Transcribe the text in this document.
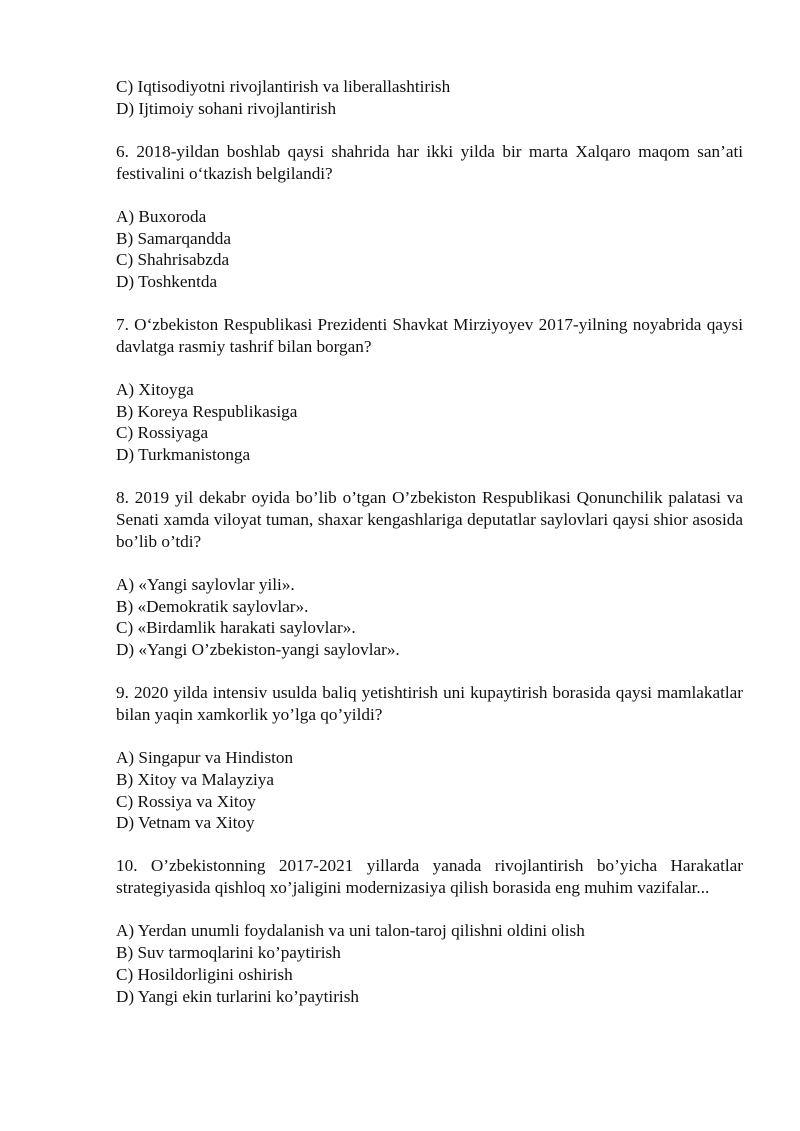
C) Iqtisodiyotni rivojlantirish va liberallashtirish

D) Ijtimoiy sohani rivojlantirish

6. 2018-yildan boshlab qaysi shahrida har ikki yilda bir marta Xalqaro maqom san’ati festivalini o‘tkazish belgilandi?

A) Buxoroda

B) Samarqandda

C) Shahrisabzda

D) Toshkentda

7. O‘zbekiston Respublikasi Prezidenti Shavkat Mirziyoyev 2017-yilning noyabrida qaysi davlatga rasmiy tashrif bilan borgan?

A) Xitoyga

B) Koreya Respublikasiga

C) Rossiyaga

D) Turkmanistonga

8. 2019 yil dekabr oyida bo’lib o’tgan O’zbekiston Respublikasi Qonunchilik palatasi va Senati xamda viloyat tuman, shaxar kengashlariga deputatlar saylovlari qaysi shior asosida bo’lib o’tdi?

A) «Yangi saylovlar yili».

B) «Demokratik saylovlar».

C) «Birdamlik harakati saylovlar».

D) «Yangi O’zbekiston-yangi saylovlar».

9. 2020 yilda intensiv usulda baliq yetishtirish uni kupaytirish borasida qaysi mamlakatlar bilan yaqin xamkorlik yo’lga qo’yildi?

A) Singapur va Hindiston

B) Xitoy va Malayziya

C) Rossiya va Xitoy

D) Vetnam va Xitoy

10. O’zbekistonning 2017-2021 yillarda yanada rivojlantirish bo’yicha Harakatlar strategiyasida qishloq xo’jaligini modernizasiya qilish borasida eng muhim vazifalar...

A) Yerdan unumli foydalanish va uni talon-taroj qilishni oldini olish

B) Suv tarmoqlarini ko’paytirish

C) Hosildorligini oshirish

D) Yangi ekin turlarini ko’paytirish
